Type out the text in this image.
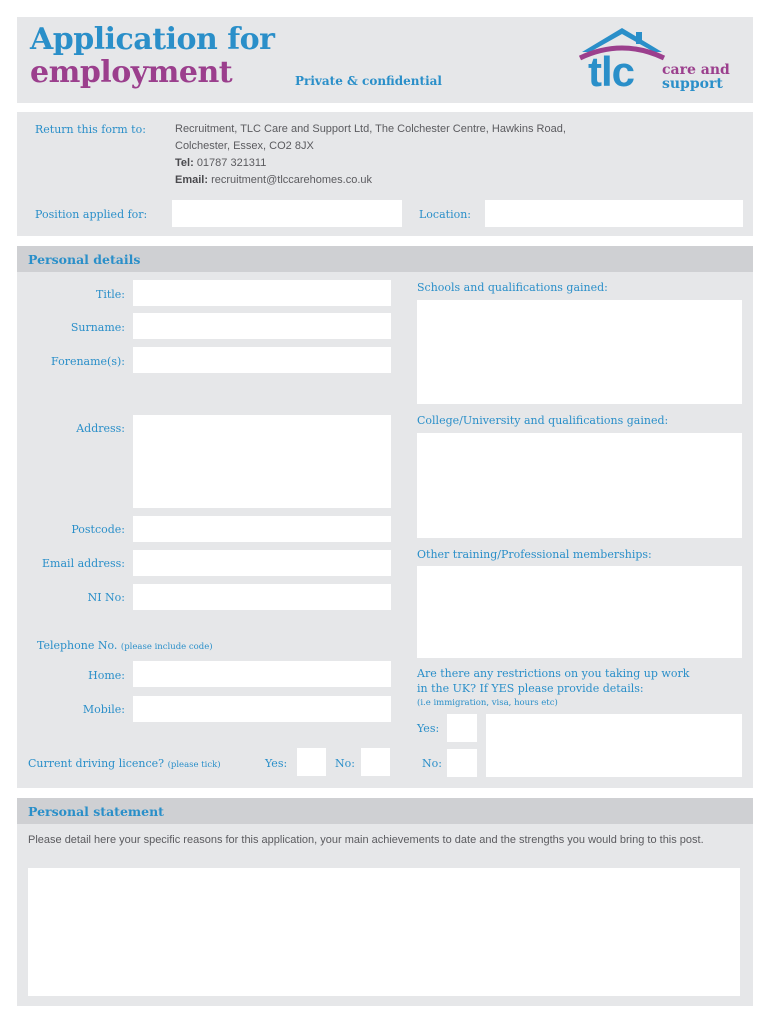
Application for
employment	Private & confidential	tlc care and
support
Return this form to:	Recruitment, TLC Care and Support Ltd, The Colchester Centre, Hawkins Road,
Colchester, Essex, CO2 8JX
Tel: 01787 321311
Email: recruitment@tlccarehomes.co.uk
Position applied for:	Location:
Personal details
Title:
Surname:
Forename(s):
Address:
Postcode:
Email address:
NI No:
Telephone No. (please include code)
Home:
Mobile:
Current driving licence? (please tick)	Yes:	No:
Schools and qualifications gained:
College/University and qualifications gained:
Other training/Professional memberships:
Are there any restrictions on you taking up work
in the UK? If YES please provide details:
(i.e immigration, visa, hours etc)
Yes:
No:
Personal statement
Please detail here your specific reasons for this application, your main achievements to date and the strengths you would bring to this post.
